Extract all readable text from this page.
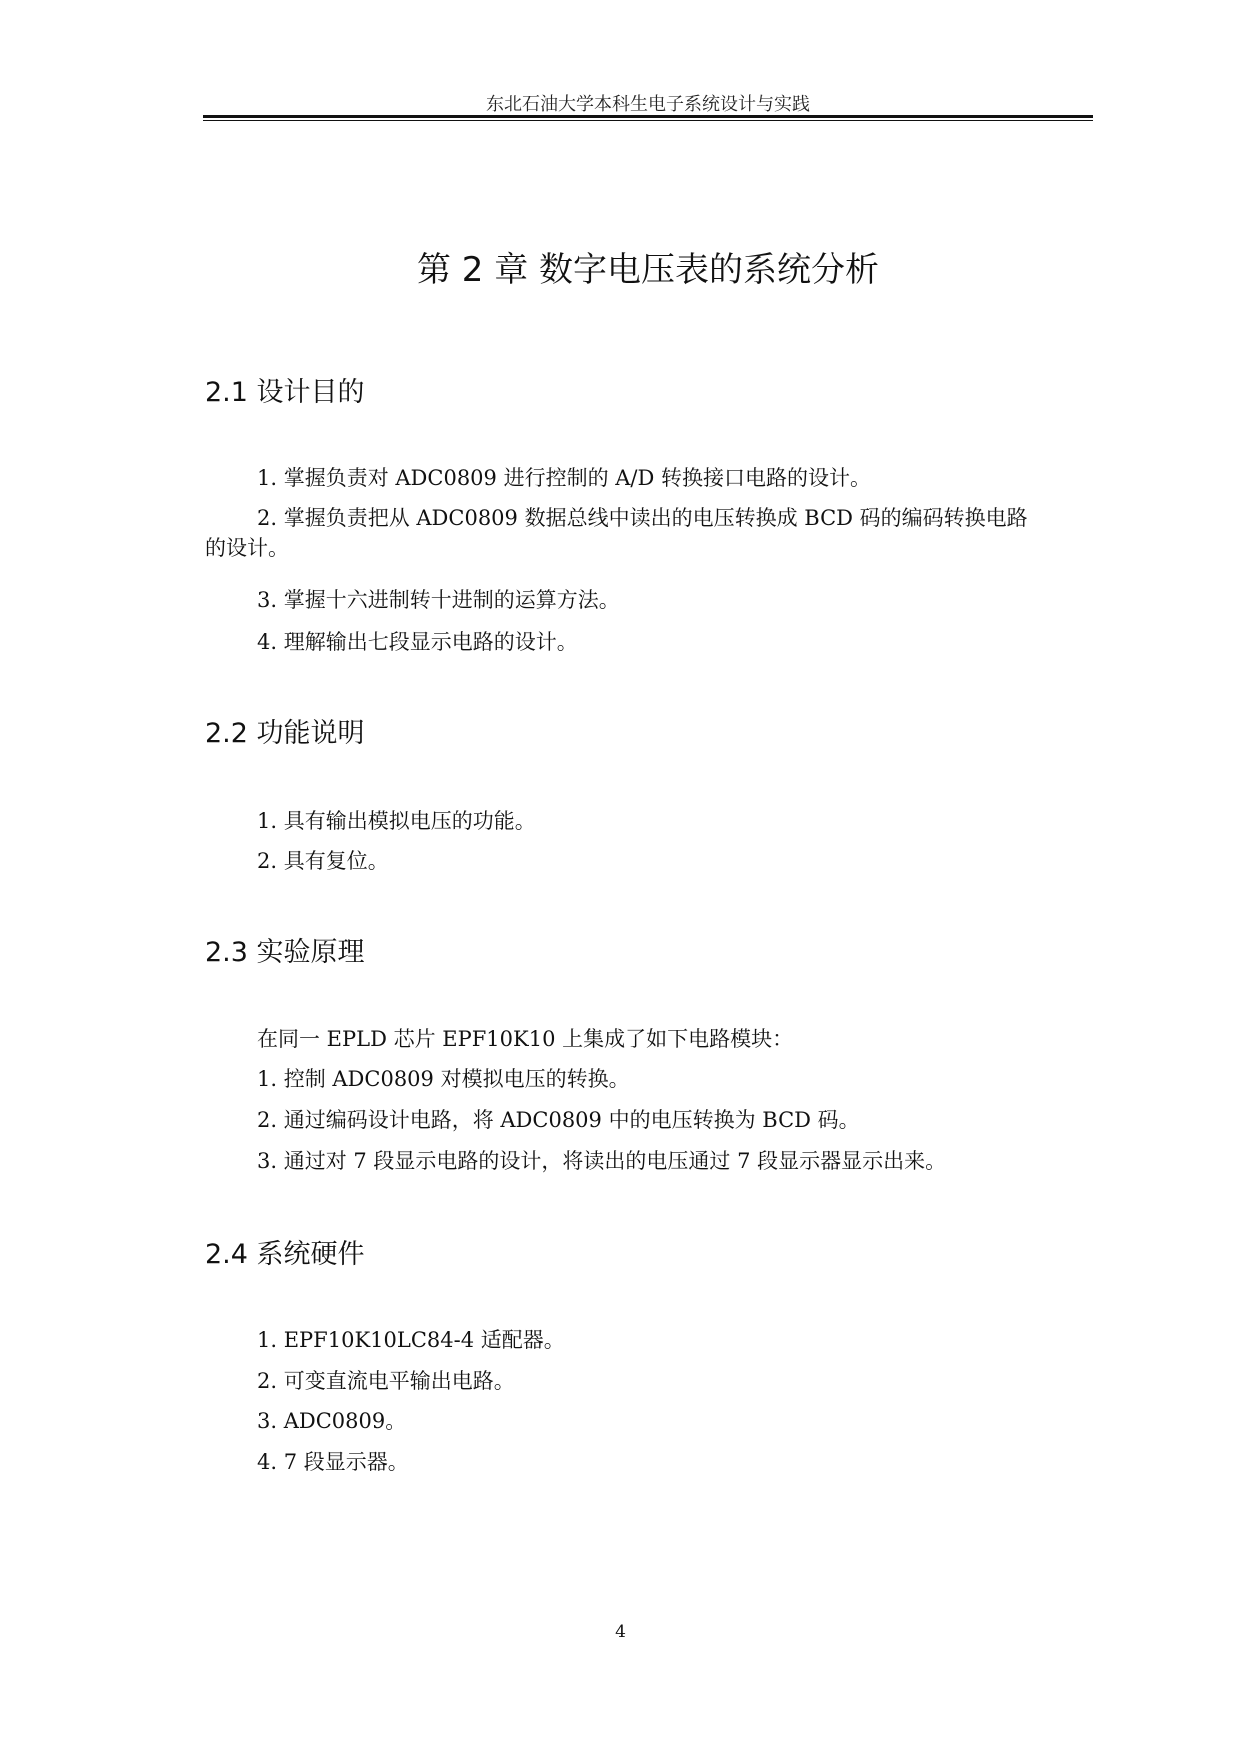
东北石油大学本科生电子系统设计与实践
第 2 章 数字电压表的系统分析
2.1 设计目的

1. 掌握负责对 ADC0809 进行控制的 A/D 转换接口电路的设计。

2. 掌握负责把从 ADC0809 数据总线中读出的电压转换成 BCD 码的编码转换电路的设计。

3. 掌握十六进制转十进制的运算方法。

4. 理解输出七段显示电路的设计。

2.2 功能说明

1. 具有输出模拟电压的功能。

2. 具有复位。

2.3 实验原理

在同一 EPLD 芯片 EPF10K10 上集成了如下电路模块：

1. 控制 ADC0809 对模拟电压的转换。

2. 通过编码设计电路，将 ADC0809 中的电压转换为 BCD 码。

3. 通过对 7 段显示电路的设计，将读出的电压通过 7 段显示器显示出来。

2.4 系统硬件

1. EPF10K10LC84-4 适配器。

2. 可变直流电平输出电路。

3. ADC0809。

4. 7 段显示器。

4
